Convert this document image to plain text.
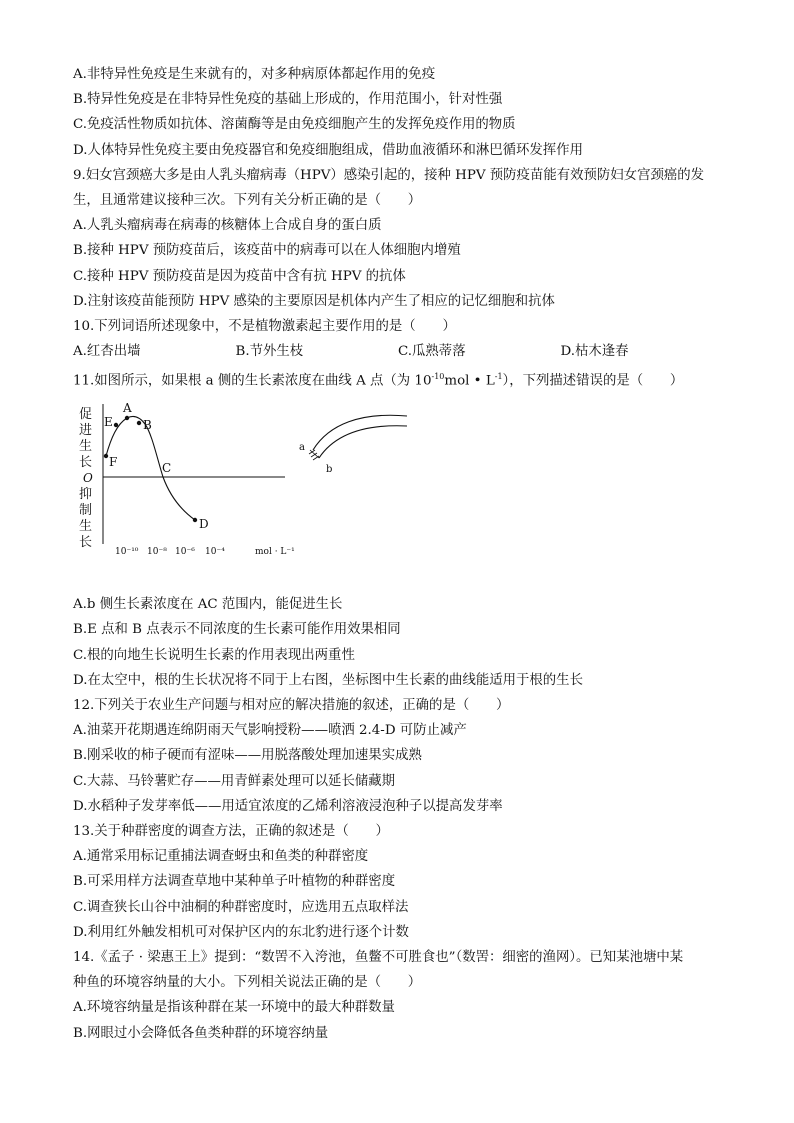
A.非特异性免疫是生来就有的，对多种病原体都起作用的免疫

B.特异性免疫是在非特异性免疫的基础上形成的，作用范围小，针对性强

C.免疫活性物质如抗体、溶菌酶等是由免疫细胞产生的发挥免疫作用的物质

D.人体特异性免疫主要由免疫器官和免疫细胞组成，借助血液循环和淋巴循环发挥作用

9.妇女宫颈癌大多是由人乳头瘤病毒（HPV）感染引起的，接种 HPV 预防疫苗能有效预防妇女宫颈癌的发

生，且通常建议接种三次。下列有关分析正确的是（　　）

A.人乳头瘤病毒在病毒的核糖体上合成自身的蛋白质

B.接种 HPV 预防疫苗后，该疫苗中的病毒可以在人体细胞内增殖

C.接种 HPV 预防疫苗是因为疫苗中含有抗 HPV 的抗体

D.注射该疫苗能预防 HPV 感染的主要原因是机体内产生了相应的记忆细胞和抗体

10.下列词语所述现象中，不是植物激素起主要作用的是（　　）

A.红杏出墙	B.节外生枝	C.瓜熟蒂落	D.枯木逢春

11.如图所示，如果根 a 侧的生长素浓度在曲线 A 点（为 $10^{-10}mol$ • $L^{-1}$），下列描述错误的是（　　）

促
进
生
长
O
抑
制
生
长
10⁻¹⁰ 10⁻⁸ 10⁻⁶ 10⁻⁴	mol · L⁻¹
A
E	B
F	C
D
a
b

A.b 侧生长素浓度在 AC 范围内，能促进生长

B.E 点和 B 点表示不同浓度的生长素可能作用效果相同

C.根的向地生长说明生长素的作用表现出两重性

D.在太空中，根的生长状况将不同于上右图，坐标图中生长素的曲线能适用于根的生长

12.下列关于农业生产问题与相对应的解决措施的叙述，正确的是（　　）

A.油菜开花期遇连绵阴雨天气影响授粉——喷洒 2.4-D 可防止减产

B.刚采收的柿子硬而有涩味——用脱落酸处理加速果实成熟

C.大蒜、马铃薯贮存——用青鲜素处理可以延长储藏期

D.水稻种子发芽率低——用适宜浓度的乙烯利溶液浸泡种子以提高发芽率

13.关于种群密度的调查方法，正确的叙述是（　　）

A.通常采用标记重捕法调查蚜虫和鱼类的种群密度

B.可采用样方法调查草地中某种单子叶植物的种群密度

C.调查狭长山谷中油桐的种群密度时，应选用五点取样法

D.利用红外触发相机可对保护区内的东北豹进行逐个计数

14.《孟子 · 梁惠王上》提到：“数罟不入洿池，鱼鳖不可胜食也”（数罟：细密的渔网）。已知某池塘中某

种鱼的环境容纳量的大小。下列相关说法正确的是（　　）

A.环境容纳量是指该种群在某一环境中的最大种群数量

B.网眼过小会降低各鱼类种群的环境容纳量
